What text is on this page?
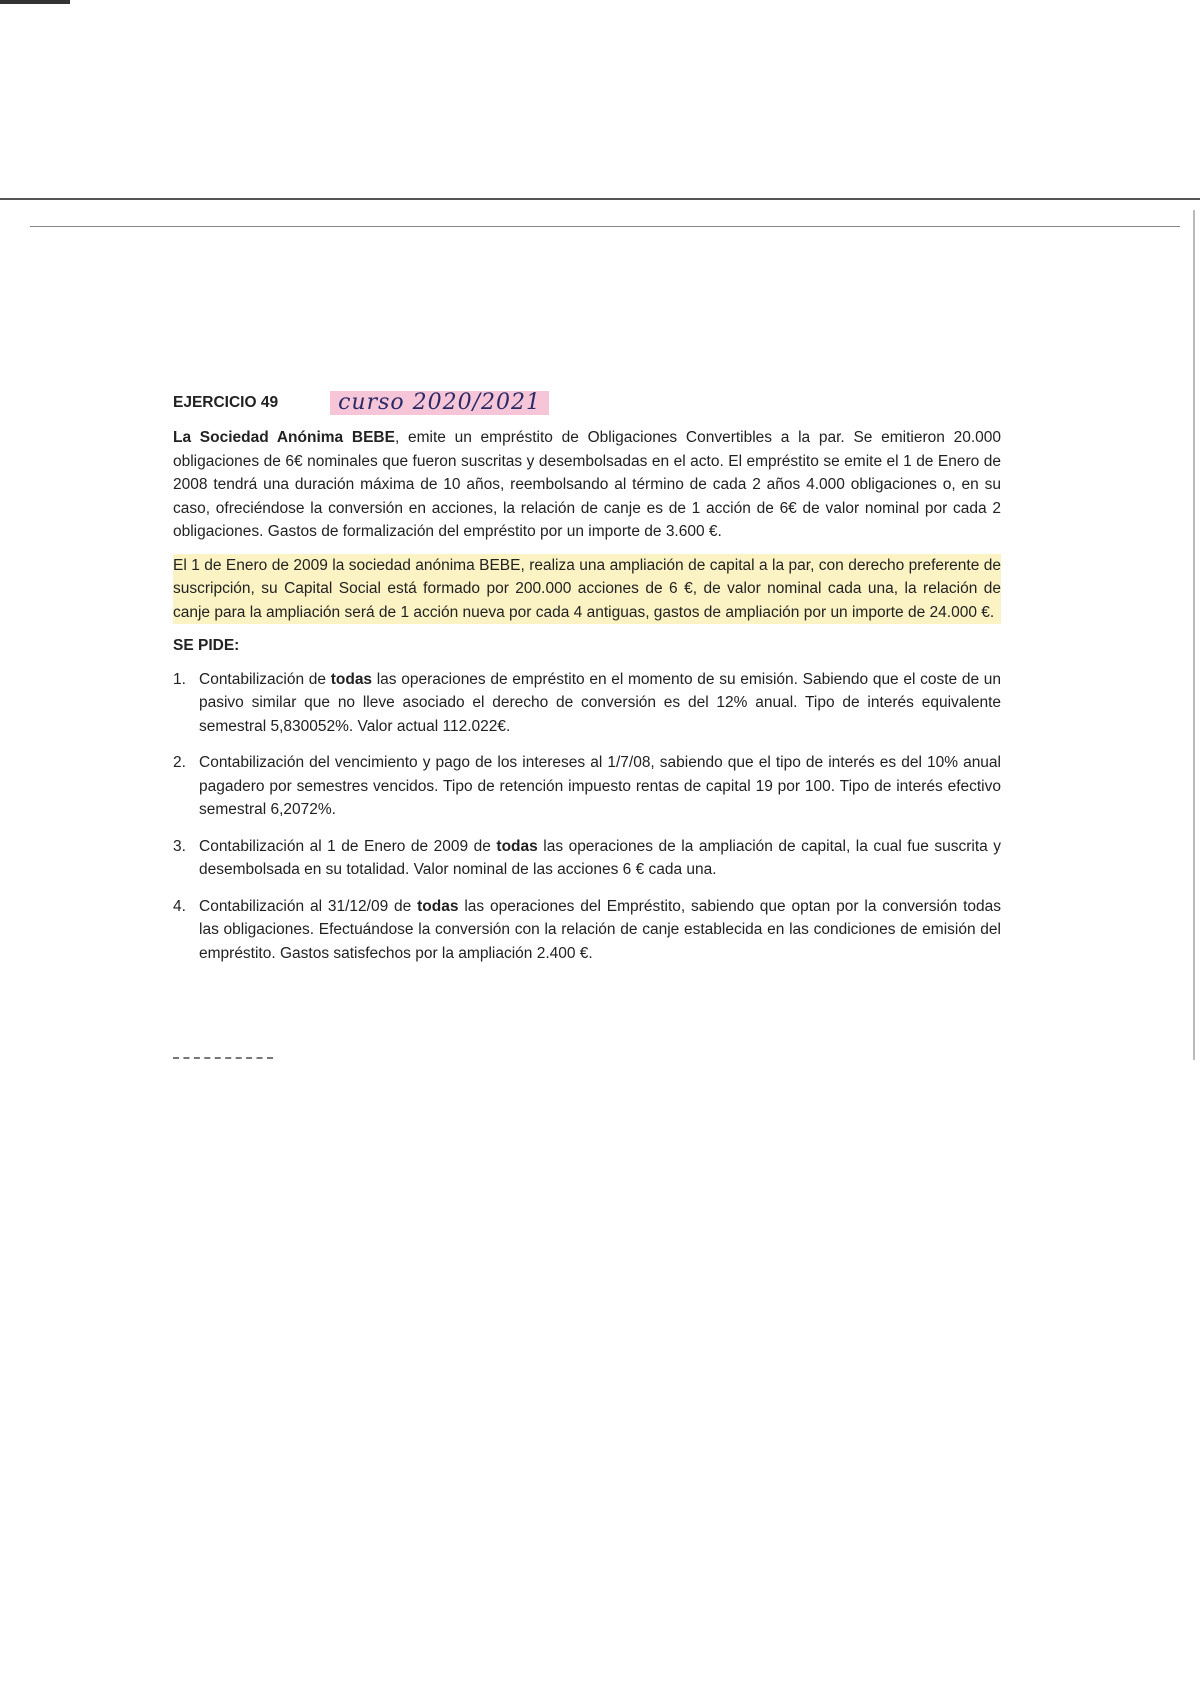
EJERCICIO 49	curso 2020/2021

La Sociedad Anónima BEBE, emite un empréstito de Obligaciones Convertibles a la par. Se emitieron 20.000 obligaciones de 6€ nominales que fueron suscritas y desembolsadas en el acto. El empréstito se emite el 1 de Enero de 2008 tendrá una duración máxima de 10 años, reembolsando al término de cada 2 años 4.000 obligaciones o, en su caso, ofreciéndose la conversión en acciones, la relación de canje es de 1 acción de 6€ de valor nominal por cada 2 obligaciones. Gastos de formalización del empréstito por un importe de 3.600 €.

El 1 de Enero de 2009 la sociedad anónima BEBE, realiza una ampliación de capital a la par, con derecho preferente de suscripción, su Capital Social está formado por 200.000 acciones de 6 €, de valor nominal cada una, la relación de canje para la ampliación será de 1 acción nueva por cada 4 antiguas, gastos de ampliación por un importe de 24.000 €.

SE PIDE:
1. Contabilización de todas las operaciones de empréstito en el momento de su emisión. Sabiendo que el coste de un pasivo similar que no lleve asociado el derecho de conversión es del 12% anual. Tipo de interés equivalente semestral 5,830052%. Valor actual 112.022€.
2. Contabilización del vencimiento y pago de los intereses al 1/7/08, sabiendo que el tipo de interés es del 10% anual pagadero por semestres vencidos. Tipo de retención impuesto rentas de capital 19 por 100. Tipo de interés efectivo semestral 6,2072%.
3. Contabilización al 1 de Enero de 2009 de todas las operaciones de la ampliación de capital, la cual fue suscrita y desembolsada en su totalidad. Valor nominal de las acciones 6 € cada una.
4. Contabilización al 31/12/09 de todas las operaciones del Empréstito, sabiendo que optan por la conversión todas las obligaciones. Efectuándose la conversión con la relación de canje establecida en las condiciones de emisión del empréstito. Gastos satisfechos por la ampliación 2.400 €.
